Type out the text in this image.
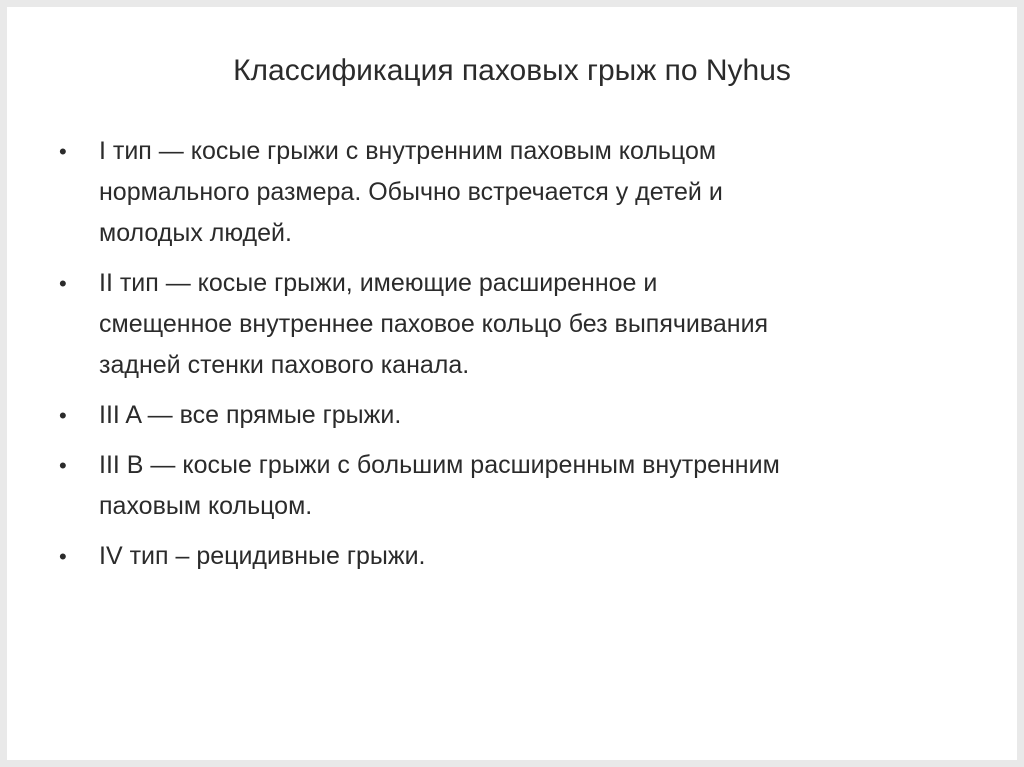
Классификация паховых грыж по Nyhus
• I тип — косые грыжи с внутренним паховым кольцом
нормального размера. Обычно встречается у детей и
молодых людей.
• II тип — косые грыжи, имеющие расширенное и
смещенное внутреннее паховое кольцо без выпячивания
задней стенки пахового канала.
• III A — все прямые грыжи.
• III B — косые грыжи с большим расширенным внутренним
паховым кольцом.
• IV тип – рецидивные грыжи.
